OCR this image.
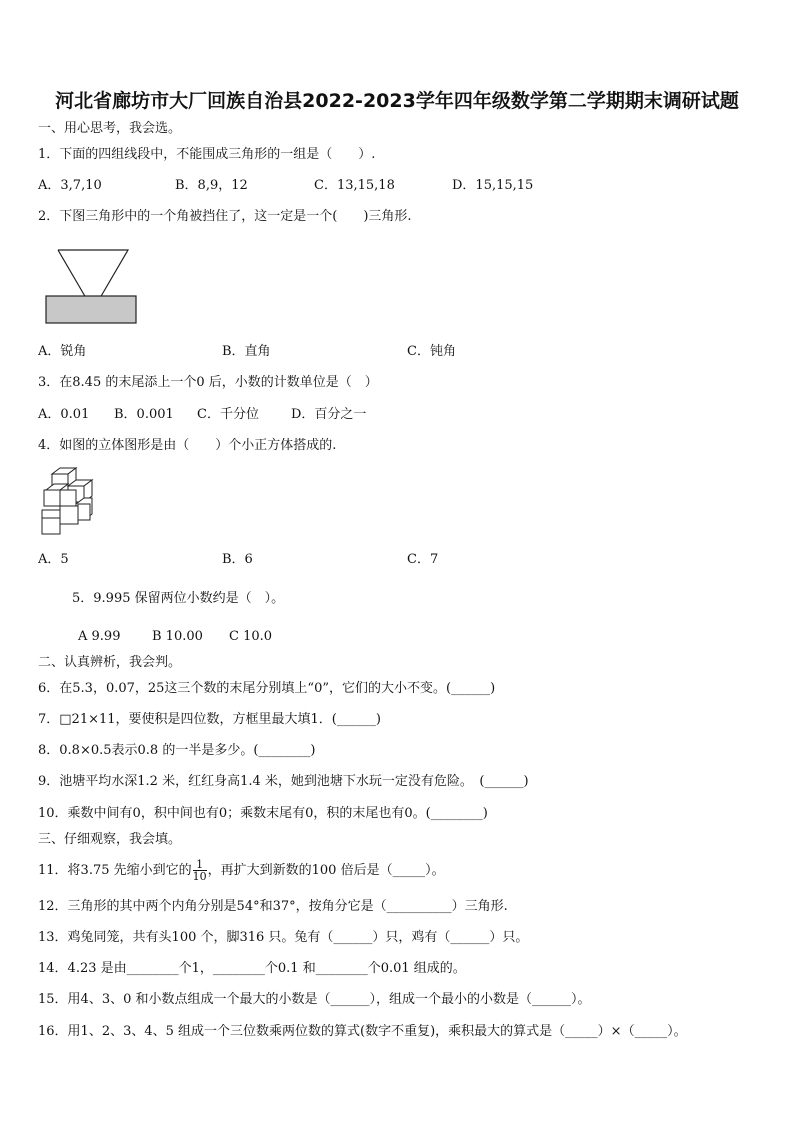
河北省廊坊市大厂回族自治县2022-2023学年四年级数学第二学期期末调研试题
一、用心思考，我会选。
1．下面的四组线段中，不能围成三角形的一组是（　　）.
A．3,7,10	B．8,9，12	C．13,15,18	D．15,15,15
2．下图三角形中的一个角被挡住了，这一定是一个(　　)三角形.
A．锐角	B．直角	C．钝角
3．在8.45 的末尾添上一个0 后，小数的计数单位是（　）
A．0.01 B．0.001 C．千分位 D．百分之一
4．如图的立体图形是由（　　）个小正方体搭成的.
A．5	B．6	C．7
5．9.995 保留两位小数约是（　）。
A 9.99 B 10.00 C 10.0
二、认真辨析，我会判。
6．在5.3，0.07，25这三个数的末尾分别填上“0”，它们的大小不变。(______)
7．□21×11，要使积是四位数，方框里最大填1．(______)
8．0.8×0.5表示0.8 的一半是多少。(________)
9．池塘平均水深1.2 米，红红身高1.4 米，她到池塘下水玩一定没有危险。　(______)
10．乘数中间有0，积中间也有0；乘数末尾有0，积的末尾也有0。(________)
三、仔细观察，我会填。
11．将3.75 先缩小到它的 $\frac{1}{10}$ ，再扩大到新数的100 倍后是（_____）。
12．三角形的其中两个内角分别是54°和37°，按角分它是（__________）三角形.
13．鸡兔同笼，共有头100 个，脚316 只。兔有（______）只，鸡有（______）只。
14．4.23 是由________个1，________个0.1 和________个0.01 组成的。
15．用4、3、0 和小数点组成一个最大的小数是（______），组成一个最小的小数是（______）。
16．用1、2、3、4、5 组成一个三位数乘两位数的算式(数字不重复)，乘积最大的算式是（_____）×（_____）。
